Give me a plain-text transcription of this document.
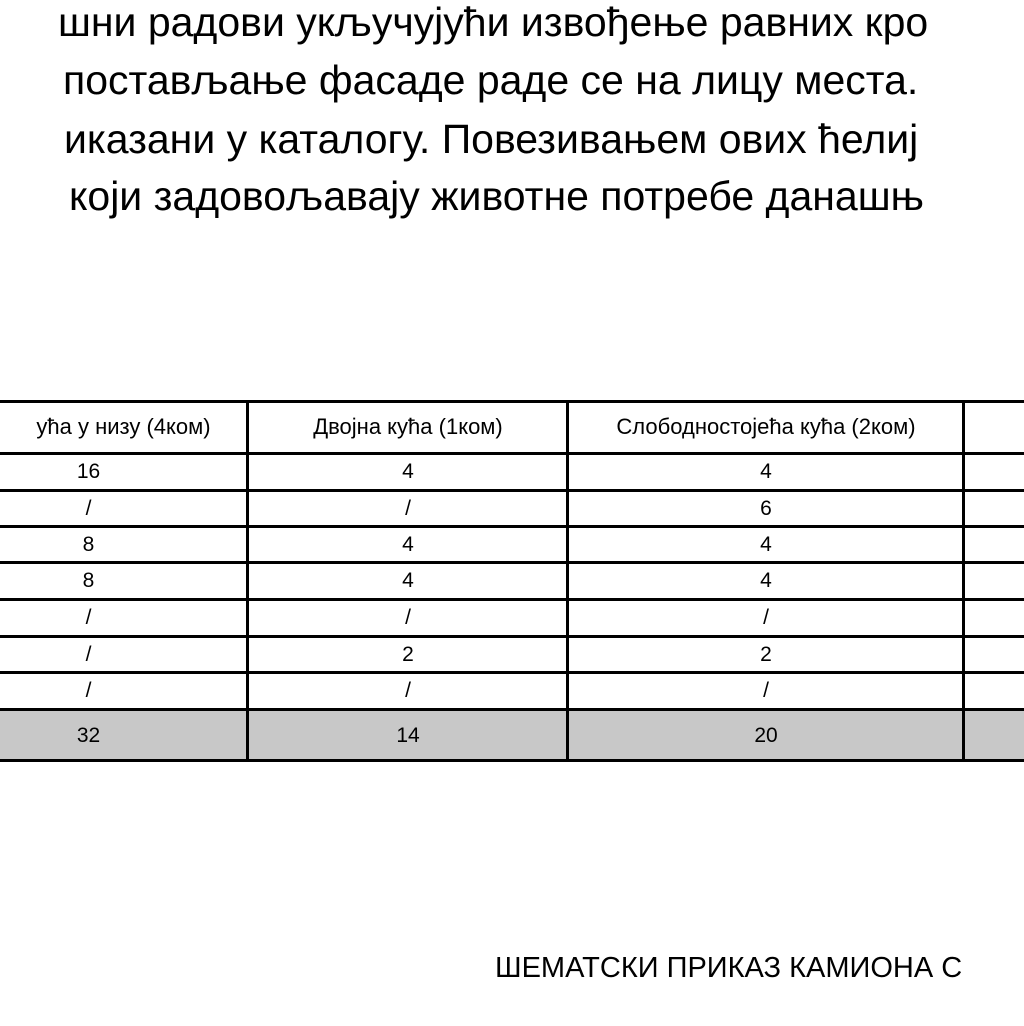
шни радови укључујући извођење равних кро

постављање фасаде раде се на лицу места.

иказани у каталогу. Повезивањем ових ћелиј

који задовољавају животне потребе данашњ

ућа у низу (4ком)	Двојна кућа (1ком)	Слободностојећа кућа (2ком)
16	4	4
/	/	6
8	4	4
8	4	4
/	/	/
/	2	2
/	/	/
32	14	20
ШЕМАТСКИ ПРИКАЗ КАМИОНА С
